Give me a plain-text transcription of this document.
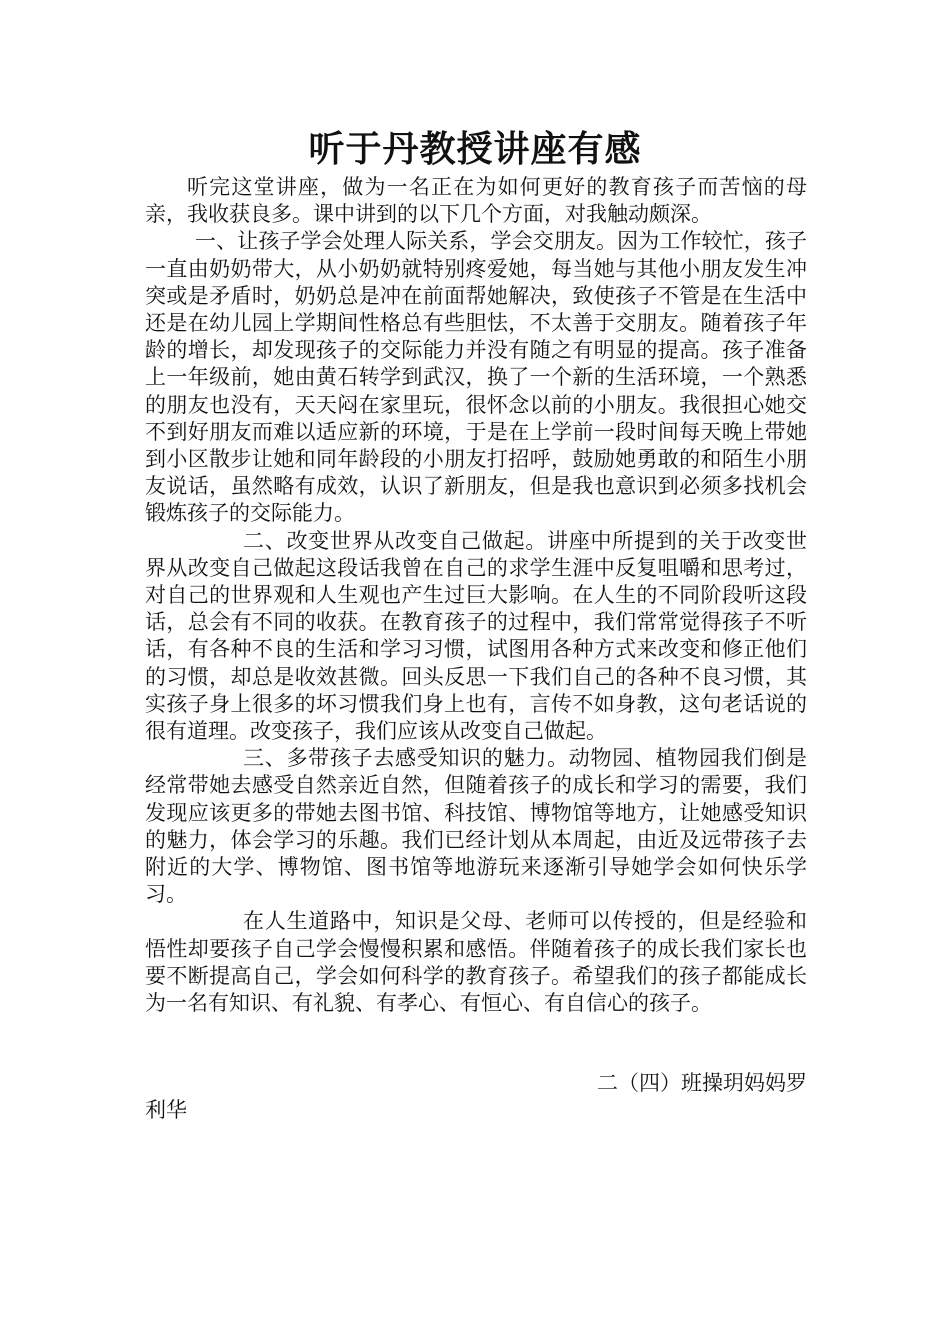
听于丹教授讲座有感

听完这堂讲座，做为一名正在为如何更好的教育孩子而苦恼的母亲，我收获良多。课中讲到的以下几个方面，对我触动颇深。

一、让孩子学会处理人际关系，学会交朋友。因为工作较忙，孩子一直由奶奶带大，从小奶奶就特别疼爱她，每当她与其他小朋友发生冲突或是矛盾时，奶奶总是冲在前面帮她解决，致使孩子不管是在生活中还是在幼儿园上学期间性格总有些胆怯，不太善于交朋友。随着孩子年龄的增长，却发现孩子的交际能力并没有随之有明显的提高。孩子准备上一年级前，她由黄石转学到武汉，换了一个新的生活环境，一个熟悉的朋友也没有，天天闷在家里玩，很怀念以前的小朋友。我很担心她交不到好朋友而难以适应新的环境，于是在上学前一段时间每天晚上带她到小区散步让她和同年龄段的小朋友打招呼，鼓励她勇敢的和陌生小朋友说话，虽然略有成效，认识了新朋友，但是我也意识到必须多找机会锻炼孩子的交际能力。

二、改变世界从改变自己做起。讲座中所提到的关于改变世界从改变自己做起这段话我曾在自己的求学生涯中反复咀嚼和思考过，对自己的世界观和人生观也产生过巨大影响。在人生的不同阶段听这段话，总会有不同的收获。在教育孩子的过程中，我们常常觉得孩子不听话，有各种不良的生活和学习习惯，试图用各种方式来改变和修正他们的习惯，却总是收效甚微。回头反思一下我们自己的各种不良习惯，其实孩子身上很多的坏习惯我们身上也有，言传不如身教，这句老话说的很有道理。改变孩子，我们应该从改变自己做起。

三、多带孩子去感受知识的魅力。动物园、植物园我们倒是经常带她去感受自然亲近自然，但随着孩子的成长和学习的需要，我们发现应该更多的带她去图书馆、科技馆、博物馆等地方，让她感受知识的魅力，体会学习的乐趣。我们已经计划从本周起，由近及远带孩子去附近的大学、博物馆、图书馆等地游玩来逐渐引导她学会如何快乐学习。

在人生道路中，知识是父母、老师可以传授的，但是经验和悟性却要孩子自己学会慢慢积累和感悟。伴随着孩子的成长我们家长也要不断提高自己，学会如何科学的教育孩子。希望我们的孩子都能成长为一名有知识、有礼貌、有孝心、有恒心、有自信心的孩子。

二（四）班操玥妈妈罗

利华
